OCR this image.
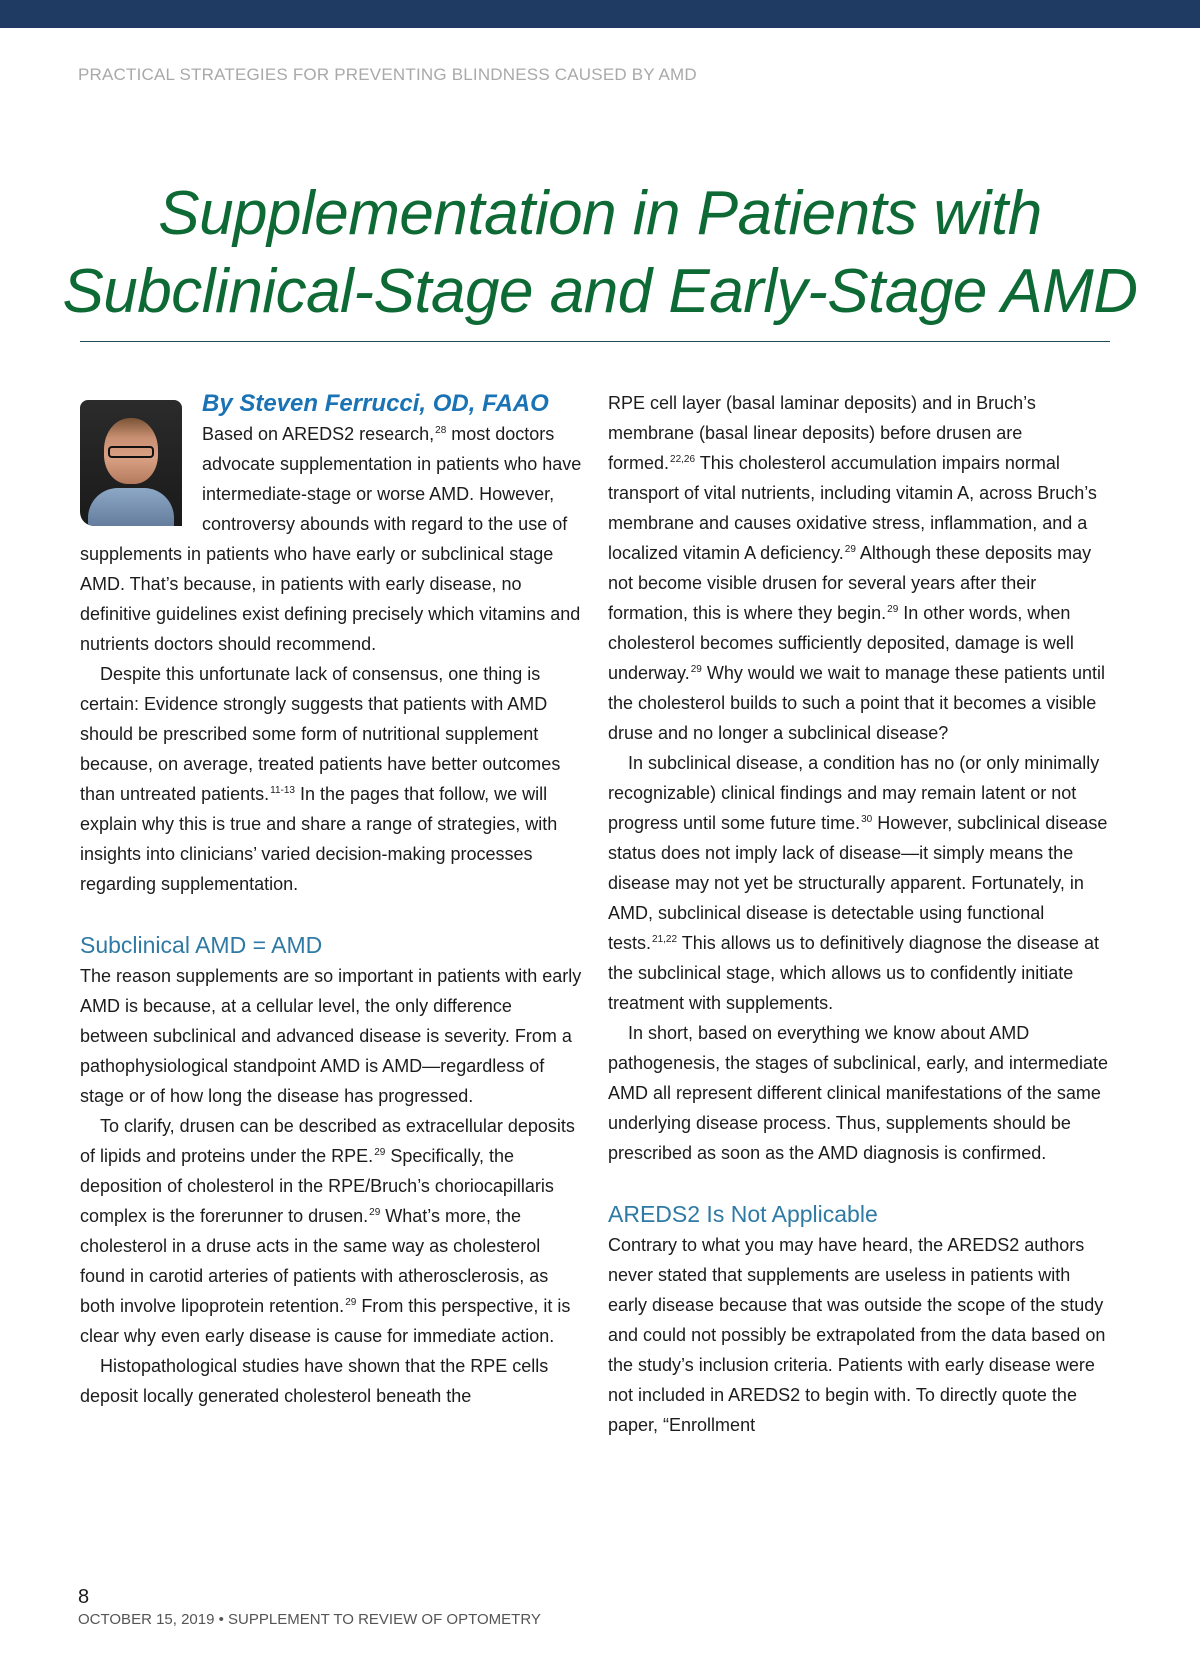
PRACTICAL STRATEGIES FOR PREVENTING BLINDNESS CAUSED BY AMD
Supplementation in Patients with
Subclinical-Stage and Early-Stage AMD
By Steven Ferrucci, OD, FAAO

Based on AREDS2 research,$^{28}$ most doctors advocate supplementation in patients who have intermediate-stage or worse AMD. However, controversy abounds with regard to the use of supplements in patients who have early or subclinical stage AMD. That’s because, in patients with early disease, no definitive guidelines exist defining precisely which vitamins and nutrients doctors should recommend.

Despite this unfortunate lack of consensus, one thing is certain: Evidence strongly suggests that patients with AMD should be prescribed some form of nutritional supplement because, on average, treated patients have better outcomes than untreated patients.$^{11-13}$ In the pages that follow, we will explain why this is true and share a range of strategies, with insights into clinicians’ varied decision-making processes regarding supplementation.

Subclinical AMD = AMD

The reason supplements are so important in patients with early AMD is because, at a cellular level, the only difference between subclinical and advanced disease is severity. From a pathophysiological standpoint AMD is AMD—regardless of stage or of how long the disease has progressed.

To clarify, drusen can be described as extracellular deposits of lipids and proteins under the RPE.$^{29}$ Specifically, the deposition of cholesterol in the RPE/Bruch’s choriocapillaris complex is the forerunner to drusen.$^{29}$ What’s more, the cholesterol in a druse acts in the same way as cholesterol found in carotid arteries of patients with atherosclerosis, as both involve lipoprotein retention.$^{29}$ From this perspective, it is clear why even early disease is cause for immediate action.

Histopathological studies have shown that the RPE cells deposit locally generated cholesterol beneath the

RPE cell layer (basal laminar deposits) and in Bruch’s membrane (basal linear deposits) before drusen are formed.$^{22,26}$ This cholesterol accumulation impairs normal transport of vital nutrients, including vitamin A, across Bruch’s membrane and causes oxidative stress, inflammation, and a localized vitamin A deficiency.$^{29}$ Although these deposits may not become visible drusen for several years after their formation, this is where they begin.$^{29}$ In other words, when cholesterol becomes sufficiently deposited, damage is well underway.$^{29}$ Why would we wait to manage these patients until the cholesterol builds to such a point that it becomes a visible druse and no longer a subclinical disease?

In subclinical disease, a condition has no (or only minimally recognizable) clinical findings and may remain latent or not progress until some future time.$^{30}$ However, subclinical disease status does not imply lack of disease—it simply means the disease may not yet be structurally apparent. Fortunately, in AMD, subclinical disease is detectable using functional tests.$^{21,22}$ This allows us to definitively diagnose the disease at the subclinical stage, which allows us to confidently initiate treatment with supplements.

In short, based on everything we know about AMD pathogenesis, the stages of subclinical, early, and intermediate AMD all represent different clinical manifestations of the same underlying disease process. Thus, supplements should be prescribed as soon as the AMD diagnosis is confirmed.

AREDS2 Is Not Applicable

Contrary to what you may have heard, the AREDS2 authors never stated that supplements are useless in patients with early disease because that was outside the scope of the study and could not possibly be extrapolated from the data based on the study’s inclusion criteria. Patients with early disease were not included in AREDS2 to begin with. To directly quote the paper, “Enrollment

8
OCTOBER 15, 2019 • SUPPLEMENT TO REVIEW OF OPTOMETRY
